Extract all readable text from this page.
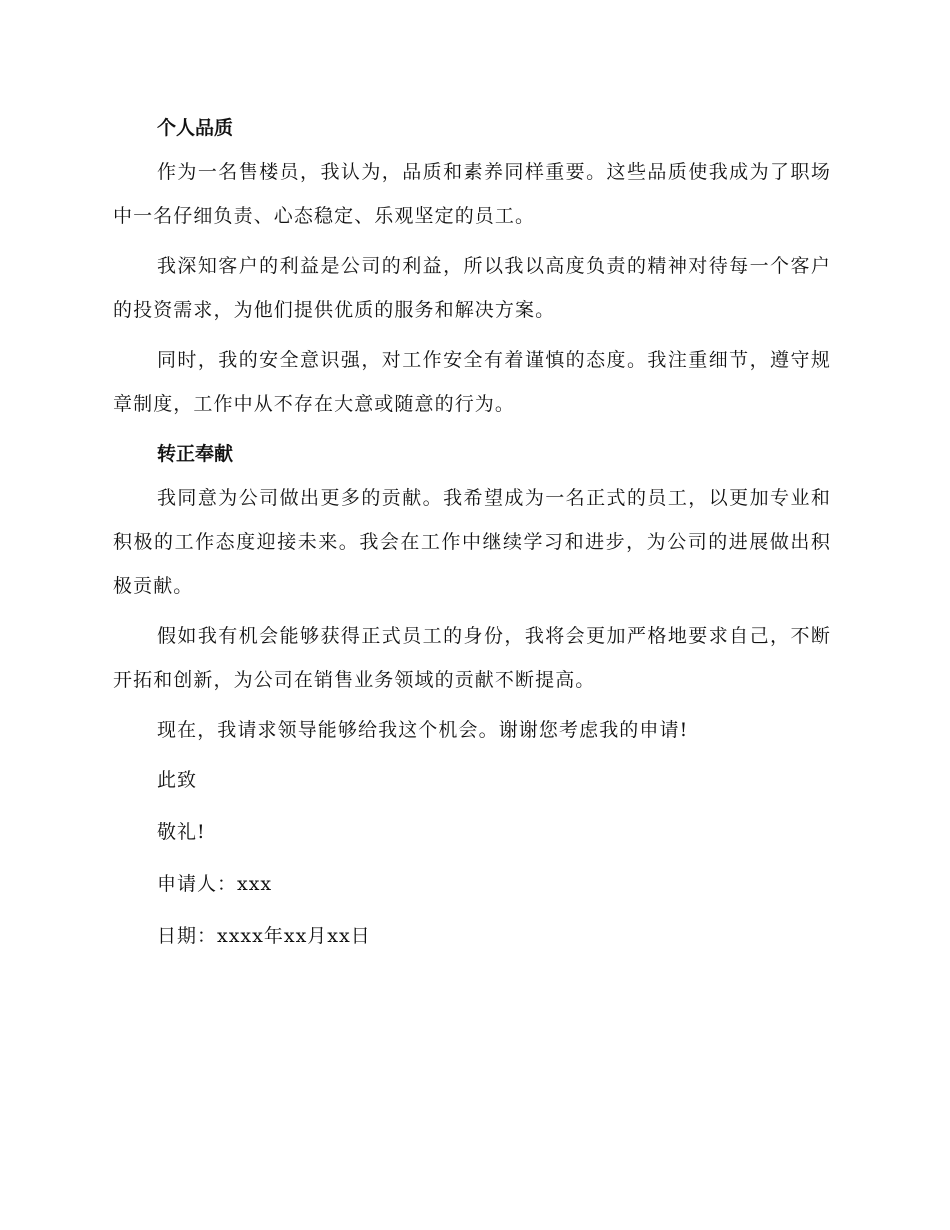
个人品质

作为一名售楼员，我认为，品质和素养同样重要。这些品质使我成为了职场中一名仔细负责、心态稳定、乐观坚定的员工。

我深知客户的利益是公司的利益，所以我以高度负责的精神对待每一个客户的投资需求，为他们提供优质的服务和解决方案。

同时，我的安全意识强，对工作安全有着谨慎的态度。我注重细节，遵守规章制度，工作中从不存在大意或随意的行为。

转正奉献

我同意为公司做出更多的贡献。我希望成为一名正式的员工，以更加专业和积极的工作态度迎接未来。我会在工作中继续学习和进步，为公司的进展做出积极贡献。

假如我有机会能够获得正式员工的身份，我将会更加严格地要求自己，不断开拓和创新，为公司在销售业务领域的贡献不断提高。

现在，我请求领导能够给我这个机会。谢谢您考虑我的申请!

此致
敬礼!
申请人：xxx
日期：xxxx年xx月xx日
